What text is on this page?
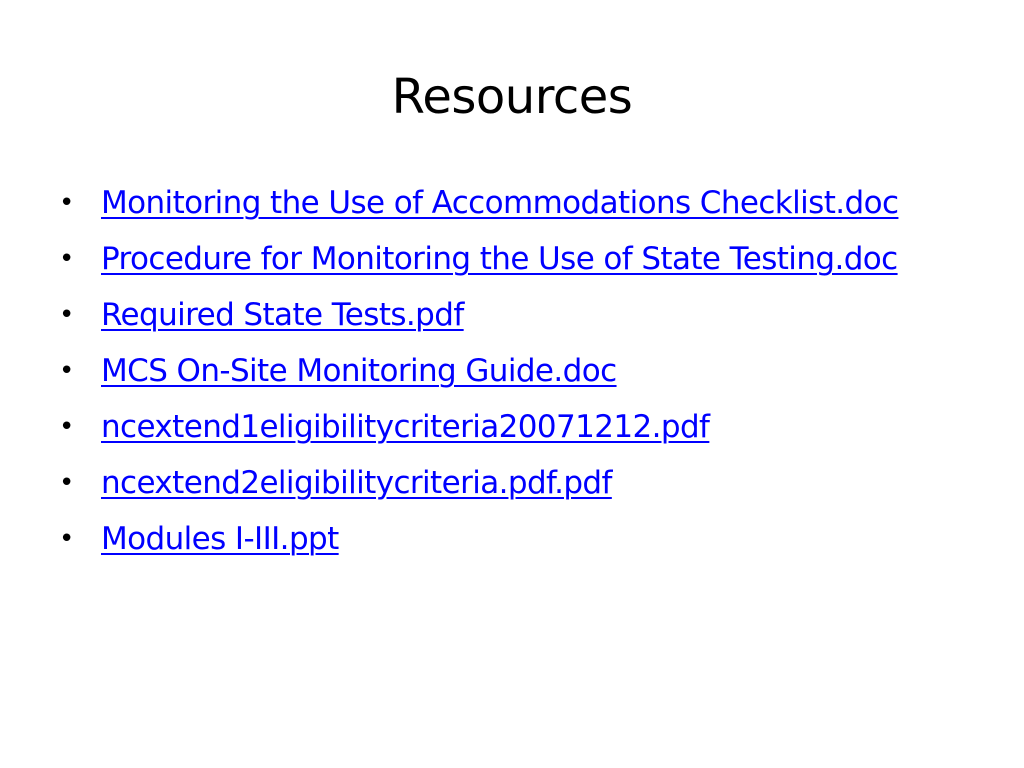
Resources
• Monitoring the Use of Accommodations Checklist.doc
• Procedure for Monitoring the Use of State Testing.doc
• Required State Tests.pdf
• MCS On-Site Monitoring Guide.doc
• ncextend1eligibilitycriteria20071212.pdf
• ncextend2eligibilitycriteria.pdf.pdf
• Modules I-III.ppt
